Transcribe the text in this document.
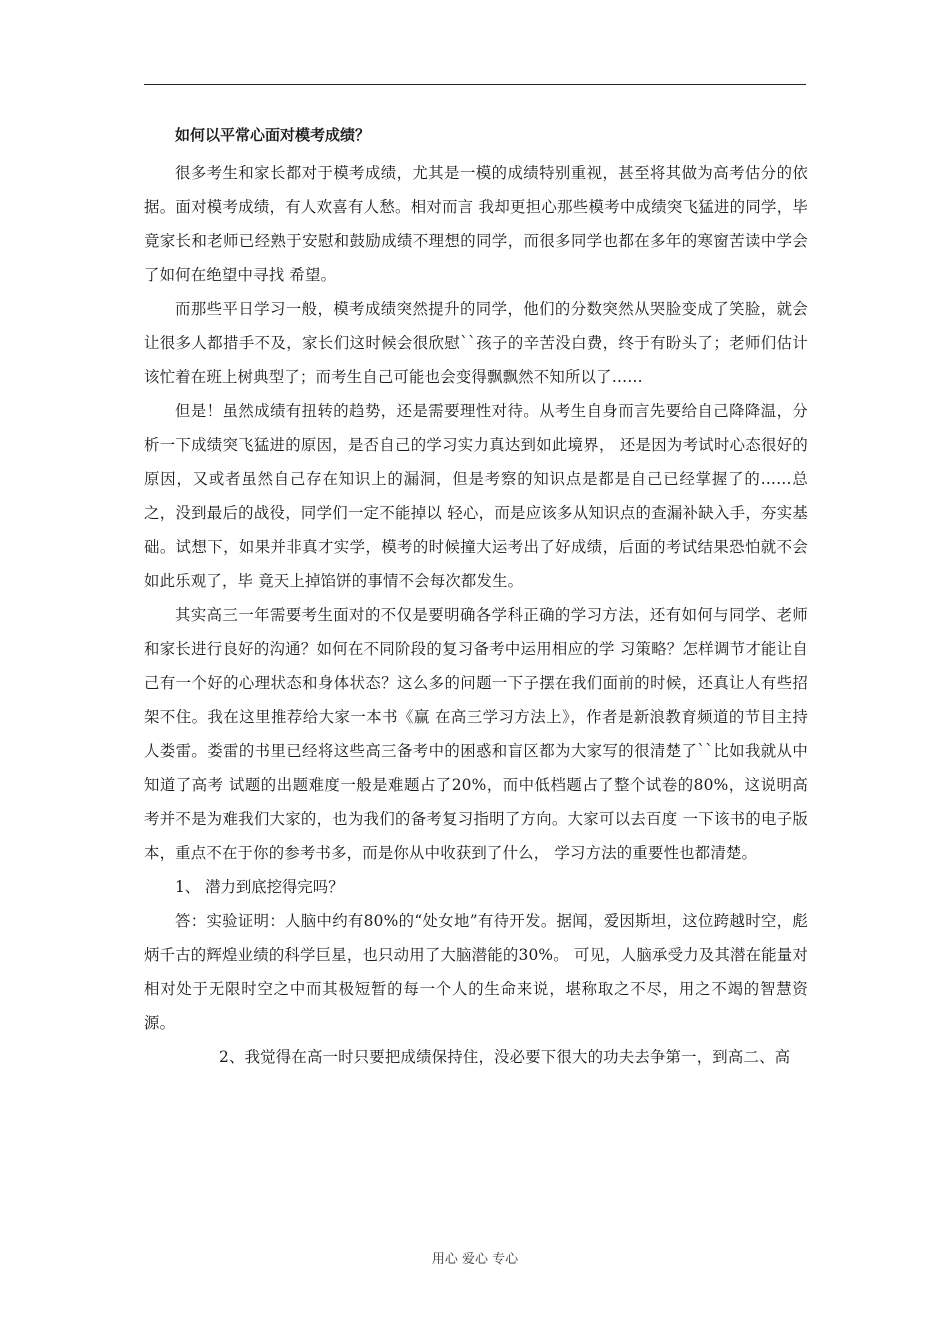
如何以平常心面对模考成绩？

很多考生和家长都对于模考成绩，尤其是一模的成绩特别重视，甚至将其做为高考估分的依据。面对模考成绩，有人欢喜有人愁。相对而言 我却更担心那些模考中成绩突飞猛进的同学，毕竟家长和老师已经熟于安慰和鼓励成绩不理想的同学，而很多同学也都在多年的寒窗苦读中学会了如何在绝望中寻找 希望。

而那些平日学习一般，模考成绩突然提升的同学，他们的分数突然从哭脸变成了笑脸，就会让很多人都措手不及，家长们这时候会很欣慰``孩子的辛苦没白费，终于有盼头了；老师们估计该忙着在班上树典型了；而考生自己可能也会变得飘飘然不知所以了……

但是！虽然成绩有扭转的趋势，还是需要理性对待。从考生自身而言先要给自己降降温，分析一下成绩突飞猛进的原因，是否自己的学习实力真达到如此境界， 还是因为考试时心态很好的原因，又或者虽然自己存在知识上的漏洞，但是考察的知识点是都是自己已经掌握了的……总之，没到最后的战役，同学们一定不能掉以 轻心，而是应该多从知识点的查漏补缺入手，夯实基础。试想下，如果并非真才实学，模考的时候撞大运考出了好成绩，后面的考试结果恐怕就不会如此乐观了，毕 竟天上掉馅饼的事情不会每次都发生。

其实高三一年需要考生面对的不仅是要明确各学科正确的学习方法，还有如何与同学、老师和家长进行良好的沟通？如何在不同阶段的复习备考中运用相应的学 习策略？怎样调节才能让自己有一个好的心理状态和身体状态？这么多的问题一下子摆在我们面前的时候，还真让人有些招架不住。我在这里推荐给大家一本书《赢 在高三学习方法上》，作者是新浪教育频道的节目主持人娄雷。娄雷的书里已经将这些高三备考中的困惑和盲区都为大家写的很清楚了``比如我就从中知道了高考 试题的出题难度一般是难题占了20%，而中低档题占了整个试卷的80%，这说明高考并不是为难我们大家的，也为我们的备考复习指明了方向。大家可以去百度 一下该书的电子版本，重点不在于你的参考书多，而是你从中收获到了什么， 学习方法的重要性也都清楚。

1、 潜力到底挖得完吗？

答：实验证明：人脑中约有80%的“处女地”有待开发。据闻，爱因斯坦，这位跨越时空，彪炳千古的辉煌业绩的科学巨星，也只动用了大脑潜能的30%。 可见，人脑承受力及其潜在能量对相对处于无限时空之中而其极短暂的每一个人的生命来说，堪称取之不尽，用之不竭的智慧资源。

2、我觉得在高一时只要把成绩保持住，没必要下很大的功夫去争第一，到高二、高

用心 爱心 专心
